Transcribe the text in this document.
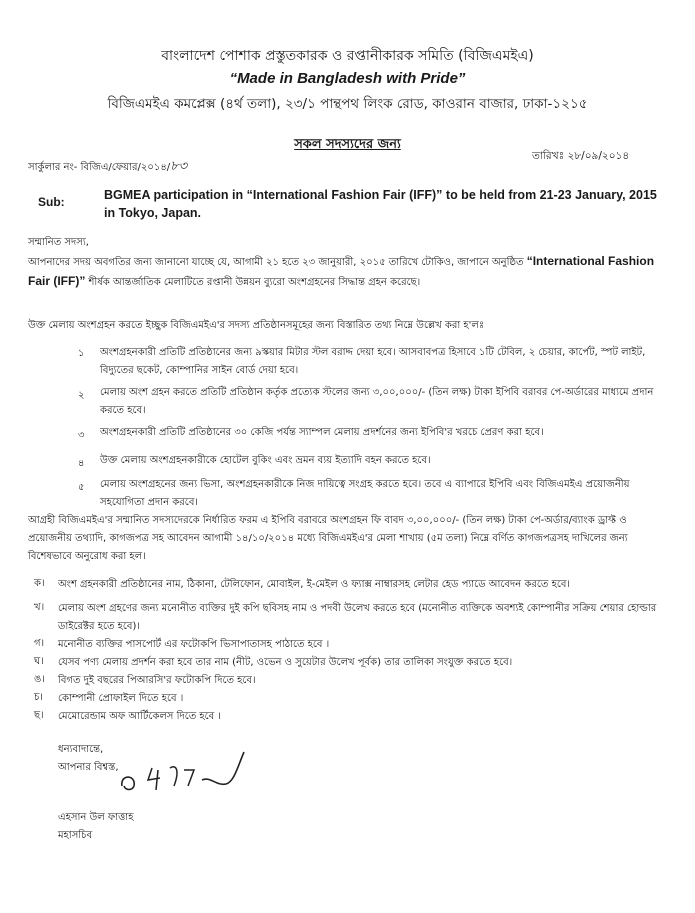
বাংলাদেশ পোশাক প্রস্তুতকারক ও রপ্তানীকারক সমিতি (বিজিএমইএ)
“Made in Bangladesh with Pride”
বিজিএমইএ কমপ্লেক্স (৪র্থ তলা), ২৩/১ পান্থপথ লিংক রোড, কাওরান বাজার, ঢাকা-১২১৫
সকল সদস্যদের জন্য
সার্কুলার নং- বিজিএ/ফেয়ার/২০১৪/৮৩
তারিখঃ ২৮/০৯/২০১৪
Sub:	BGMEA participation in “International Fashion Fair (IFF)” to be held from 21-23 January, 2015 in Tokyo, Japan.
সম্মানিত সদস্য,
আপনাদের সদয় অবগতির জন্য জানানো যাচ্ছে যে, আগামী ২১ হতে ২৩ জানুয়ারী, ২০১৫ তারিখে টোকিও, জাপানে অনুষ্ঠিত “International Fashion Fair (IFF)” শীর্ষক আন্তর্জাতিক মেলাটিতে রপ্তানী উন্নয়ন ব্যুরো অংশগ্রহনের সিদ্ধান্ত গ্রহন করেছে।
উক্ত মেলায় অংশগ্রহন করতে ইচ্ছুক বিজিএমইএ'র সদস্য প্রতিষ্ঠানসমূহের জন্য বিস্তারিত তথ্য নিম্নে উল্লেখ করা হ'লঃ
১	অংশগ্রহনকারী প্রতিটি প্রতিষ্ঠানের জন্য ৯স্কয়ার মিটার স্টল বরাদ্দ দেয়া হবে। আসবাবপত্র হিসাবে ১টি টেবিল, ২ চেয়ার, কার্পেট, স্পট লাইট, বিদ্যুতের ছকেট, কোম্পানির সাইন বোর্ড দেয়া হবে।
২	মেলায় অংশ গ্রহন করতে প্রতিটি প্রতিষ্ঠান কর্তৃক প্রত্যেক স্টলের জন্য ৩,০০,০০০/- (তিন লক্ষ) টাকা ইপিবি বরাবর পে-অর্ডারের মাধ্যমে প্রদান করতে হবে।
৩	অংশগ্রহনকারী প্রতিটি প্রতিষ্ঠানের ৩০ কেজি পর্যন্ত স্যাম্পল মেলায় প্রদর্শনের জন্য ইপিবি'র খরচে প্রেরণ করা হবে।
৪	উক্ত মেলায় অংশগ্রহনকারীকে হোটেল বুকিং এবং ভ্রমন ব্যয় ইত্যাদি বহন করতে হবে।
৫	মেলায় অংশগ্রহনের জন্য ভিসা, অংশগ্রহনকারীকে নিজ দায়িত্বে সংগ্রহ করতে হবে। তবে এ ব্যাপারে ইপিবি এবং বিজিএমইএ প্রয়োজনীয় সহযোগিতা প্রদান করবে।
আগ্রহী বিজিএমইএ'র সম্মানিত সদস্যদেরকে নির্ধারিত ফরম এ ইপিবি বরাবরে অংশগ্রহন ফি বাবদ ৩,০০,০০০/- (তিন লক্ষ) টাকা পে-অর্ডার/ব্যাংক ড্রাফ্ট ও প্রয়োজনীয় তথ্যাদি, কাগজপত্র সহ আবেদন আগামী ১৪/১০/২০১৪ মধ্যে বিজিএমইএ'র মেলা শাখায় (৫ম তলা) নিম্নে বর্ণিত কাগজপত্রসহ দাখিলের জন্য বিশেষভাবে অনুরোধ করা হল।
ক। অংশ গ্রহনকারী প্রতিষ্ঠানের নাম, ঠিকানা, টেলিফোন, মোবাইল, ই-মেইল ও ফ্যাক্স নাম্বারসহ লেটার হেড প্যাডে আবেদন করতে হবে।
খ। মেলায় অংশ গ্রহণের জন্য মনোনীত ব্যক্তির দুই কপি ছবিসহ নাম ও পদবী উলেখ করতে হবে (মনোনীত ব্যক্তিকে অবশ্যই কোম্পানীর সক্রিয় শেয়ার হোল্ডার ডাইরেক্টর হতে হবে)।
গ। মনোনীত ব্যক্তির পাসপোর্ট এর ফটোকপি ভিসাপাতাসহ পাঠাতে হবে ।
ঘ। যেসব পণ্য মেলায় প্রদর্শন করা হবে তার নাম (নীট, ওভেন ও সুয়েটার উলেখ পূর্বক) তার তালিকা সংযুক্ত করতে হবে।
ঙ। বিগত দুই বছরের পিআরসি'র ফটোকপি দিতে হবে।
চ। কোম্পানী প্রোফাইল দিতে হবে ।
ছ। মেমোরেন্ডাম অফ আর্টিকেলস দিতে হবে ।
ধন্যবাদান্তে,
আপনার বিশ্বস্ত,
এহসান উল ফাত্তাহ
মহাসচিব
